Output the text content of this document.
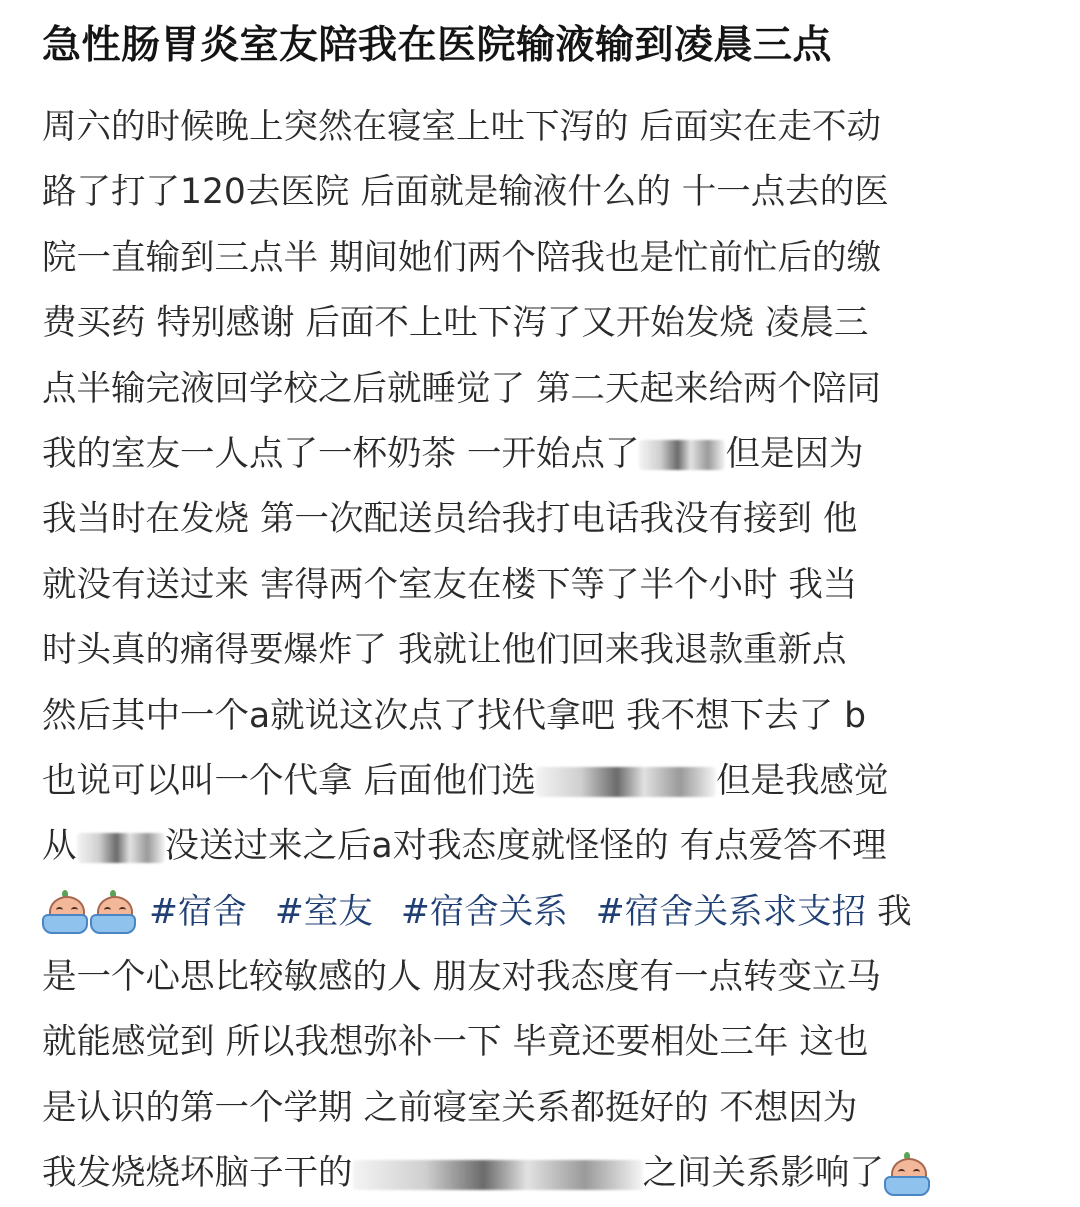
急性肠胃炎室友陪我在医院输液输到凌晨三点
周六的时候晚上突然在寝室上吐下泻的 后面实在走不动
路了打了120去医院 后面就是输液什么的 十一点去的医
院一直输到三点半 期间她们两个陪我也是忙前忙后的缴
费买药 特别感谢 后面不上吐下泻了又开始发烧 凌晨三
点半输完液回学校之后就睡觉了 第二天起来给两个陪同
我的室友一人点了一杯奶茶 一开始点了 但是因为
我当时在发烧 第一次配送员给我打电话我没有接到 他
就没有送过来 害得两个室友在楼下等了半个小时 我当
时头真的痛得要爆炸了 我就让他们回来我退款重新点
然后其中一个a就说这次点了找代拿吧 我不想下去了 b
也说可以叫一个代拿 后面他们选	但是我感觉
从	没送过来之后a对我态度就怪怪的 有点爱答不理
#宿舍 #室友 #宿舍关系 #宿舍关系求支招 我
是一个心思比较敏感的人 朋友对我态度有一点转变立马
就能感觉到 所以我想弥补一下 毕竟还要相处三年 这也
是认识的第一个学期 之前寝室关系都挺好的 不想因为
我发烧烧坏脑子干的	之间关系影响了
